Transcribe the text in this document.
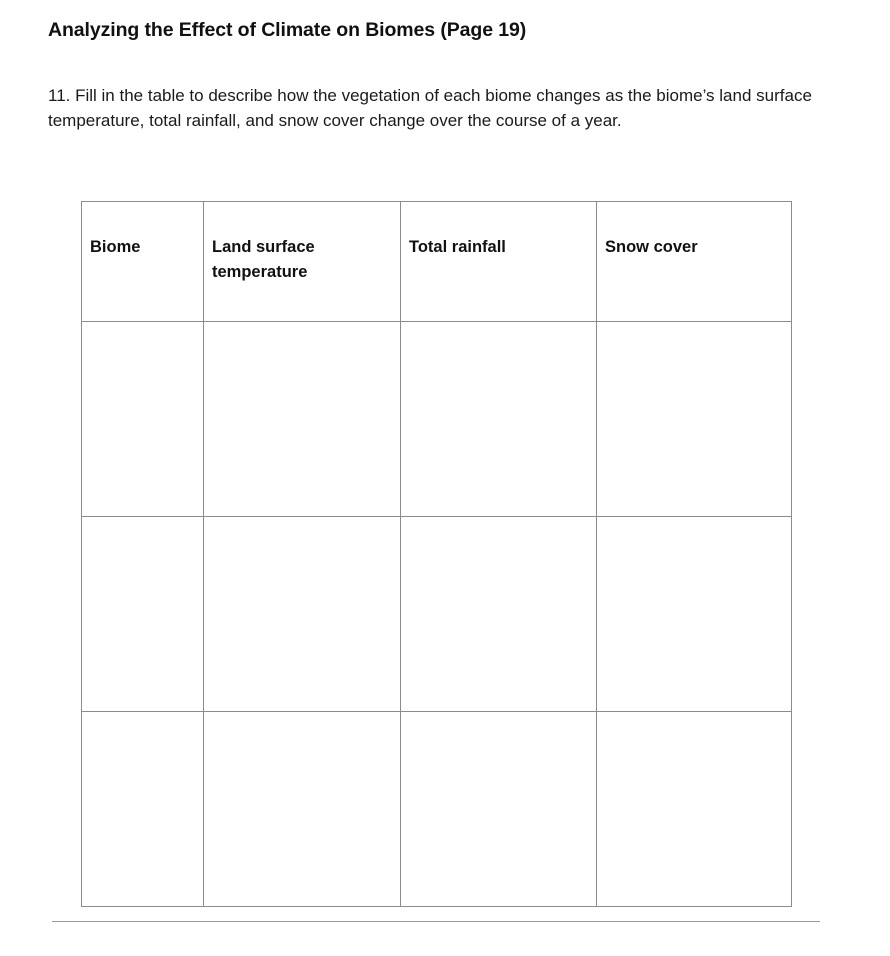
Analyzing the Effect of Climate on Biomes (Page 19)
11. Fill in the table to describe how the vegetation of each biome changes as the biome’s land surface temperature, total rainfall, and snow cover change over the course of a year.
Biome	Land surface temperature	Total rainfall	Snow cover
